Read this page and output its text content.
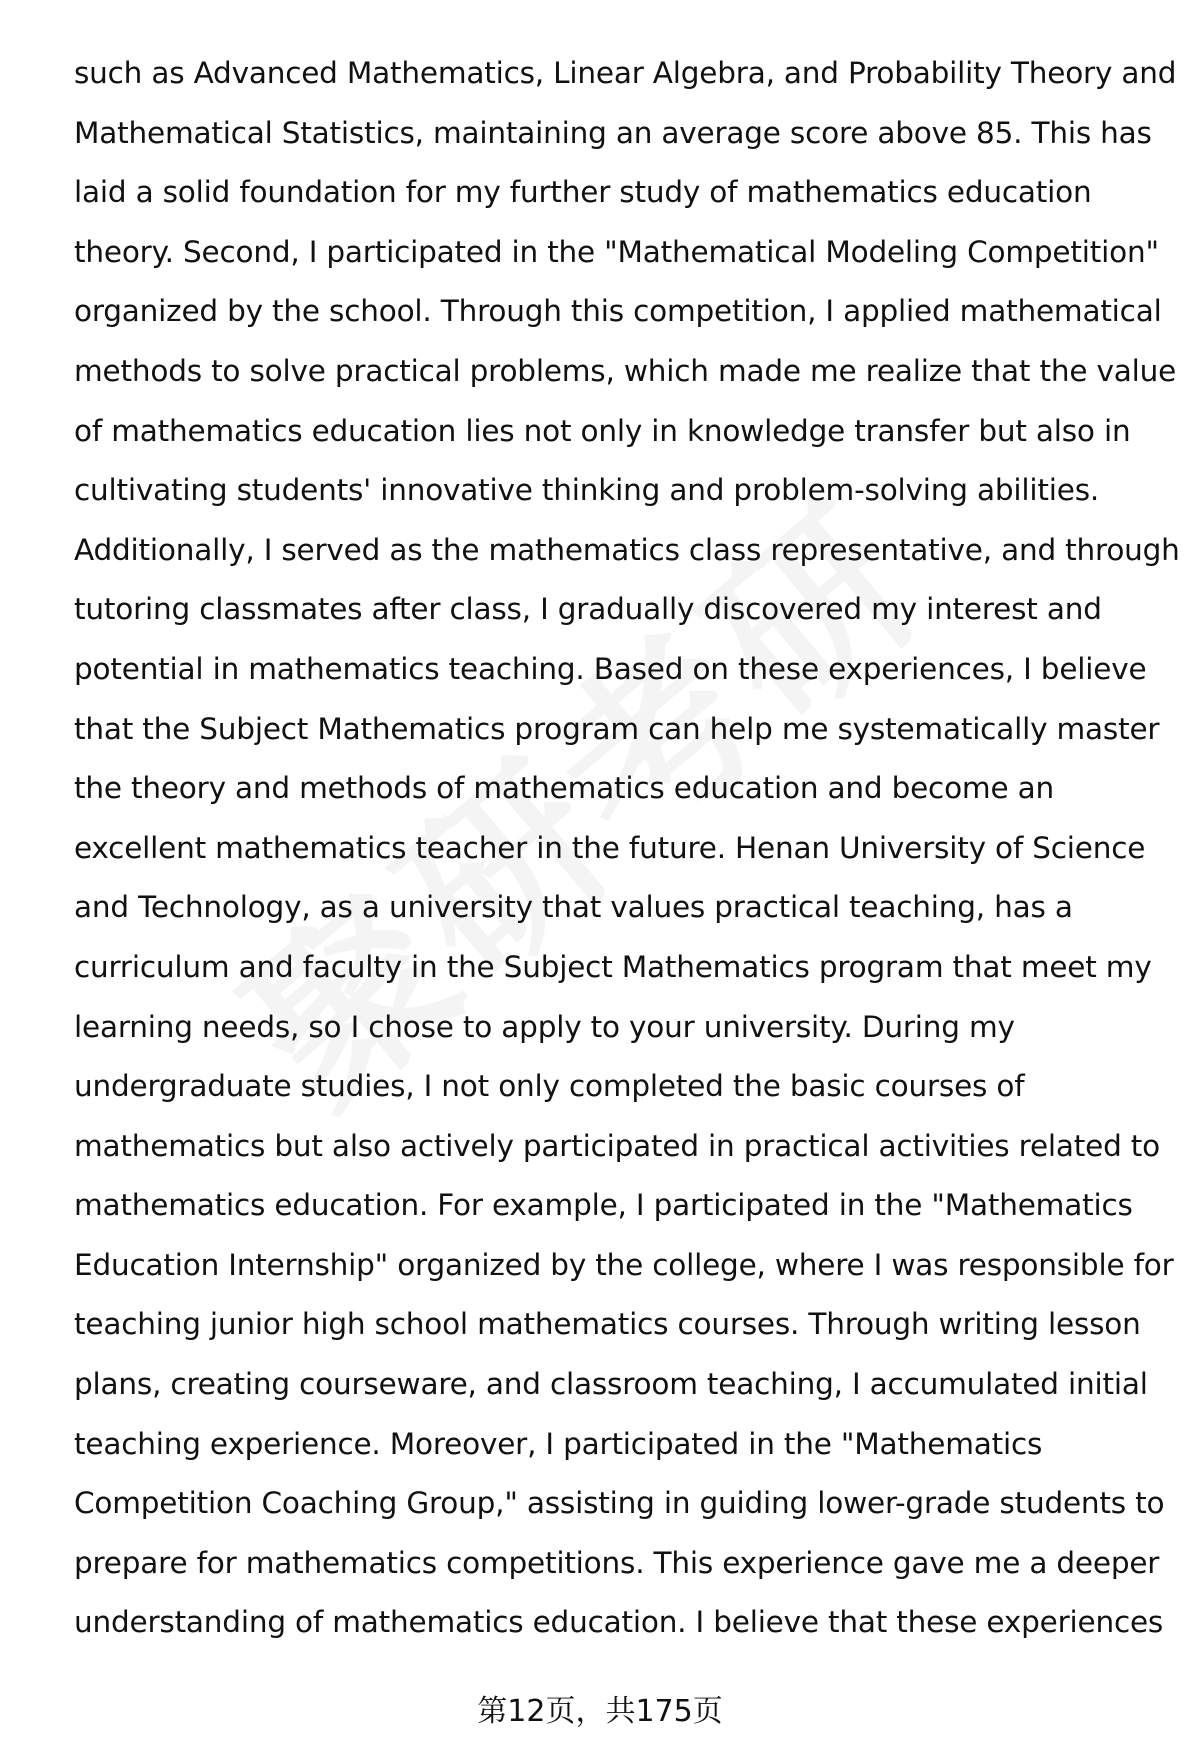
such as Advanced Mathematics, Linear Algebra, and Probability Theory and
Mathematical Statistics, maintaining an average score above 85. This has
laid a solid foundation for my further study of mathematics education
theory. Second, I participated in the "Mathematical Modeling Competition"
organized by the school. Through this competition, I applied mathematical
methods to solve practical problems, which made me realize that the value
of mathematics education lies not only in knowledge transfer but also in
cultivating students' innovative thinking and problem-solving abilities.
Additionally, I served as the mathematics class representative, and through
tutoring classmates after class, I gradually discovered my interest and
potential in mathematics teaching. Based on these experiences, I believe
that the Subject Mathematics program can help me systematically master
the theory and methods of mathematics education and become an
excellent mathematics teacher in the future. Henan University of Science
and Technology, as a university that values practical teaching, has a
curriculum and faculty in the Subject Mathematics program that meet my
learning needs, so I chose to apply to your university. During my
undergraduate studies, I not only completed the basic courses of
mathematics but also actively participated in practical activities related to
mathematics education. For example, I participated in the "Mathematics
Education Internship" organized by the college, where I was responsible for
teaching junior high school mathematics courses. Through writing lesson
plans, creating courseware, and classroom teaching, I accumulated initial
teaching experience. Moreover, I participated in the "Mathematics
Competition Coaching Group," assisting in guiding lower-grade students to
prepare for mathematics competitions. This experience gave me a deeper
understanding of mathematics education. I believe that these experiences
第12页，共175页
